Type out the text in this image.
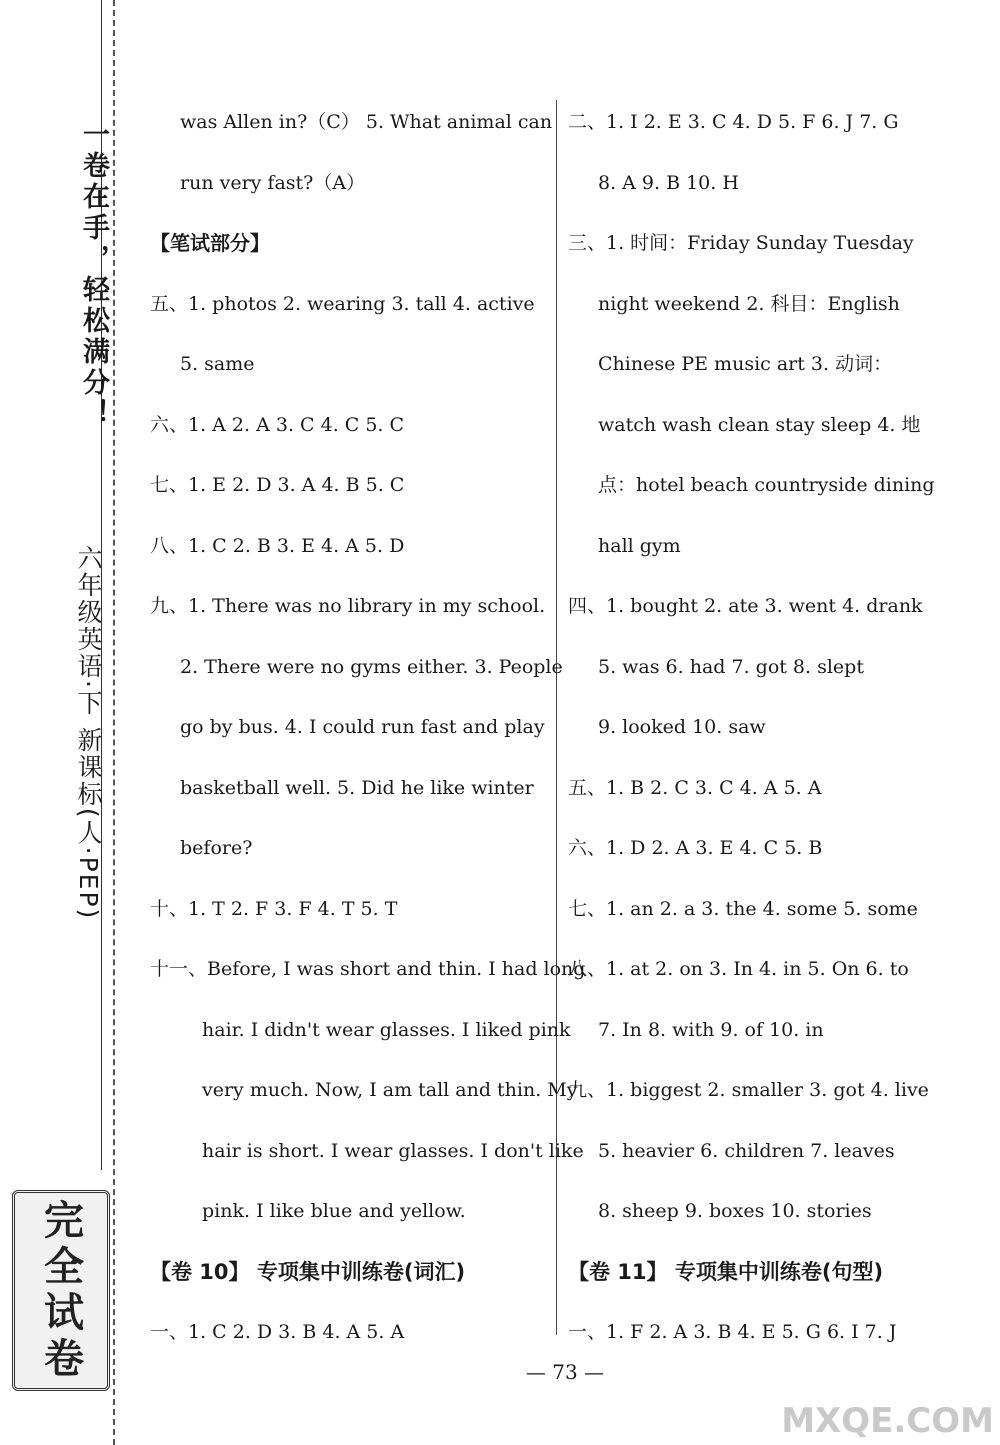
一卷在手，轻松满分！
六年级英语·下 新课标(人·PEP)
完全试卷
was Allen in?（C） 5. What animal can
run very fast?（A）
【笔试部分】
五、1. photos 2. wearing 3. tall 4. active
5. same
六、1. A 2. A 3. C 4. C 5. C
七、1. E 2. D 3. A 4. B 5. C
八、1. C 2. B 3. E 4. A 5. D
九、1. There was no library in my school.
2. There were no gyms either. 3. People
go by bus. 4. I could run fast and play
basketball well. 5. Did he like winter
before?
十、1. T 2. F 3. F 4. T 5. T
十一、Before, I was short and thin. I had long
hair. I didn't wear glasses. I liked pink
very much. Now, I am tall and thin. My
hair is short. I wear glasses. I don't like
pink. I like blue and yellow.
【卷 10】 专项集中训练卷(词汇)
一、1. C 2. D 3. B 4. A 5. A
二、1. I 2. E 3. C 4. D 5. F 6. J 7. G
8. A 9. B 10. H
三、1. 时间：Friday Sunday Tuesday
night weekend 2. 科目：English
Chinese PE music art 3. 动词：
watch wash clean stay sleep 4. 地
点：hotel beach countryside dining
hall gym
四、1. bought 2. ate 3. went 4. drank
5. was 6. had 7. got 8. slept
9. looked 10. saw
五、1. B 2. C 3. C 4. A 5. A
六、1. D 2. A 3. E 4. C 5. B
七、1. an 2. a 3. the 4. some 5. some
八、1. at 2. on 3. In 4. in 5. On 6. to
7. In 8. with 9. of 10. in
九、1. biggest 2. smaller 3. got 4. live
5. heavier 6. children 7. leaves
8. sheep 9. boxes 10. stories
【卷 11】 专项集中训练卷(句型)
一、1. F 2. A 3. B 4. E 5. G 6. I 7. J
— 73 —
MXQE.COM
